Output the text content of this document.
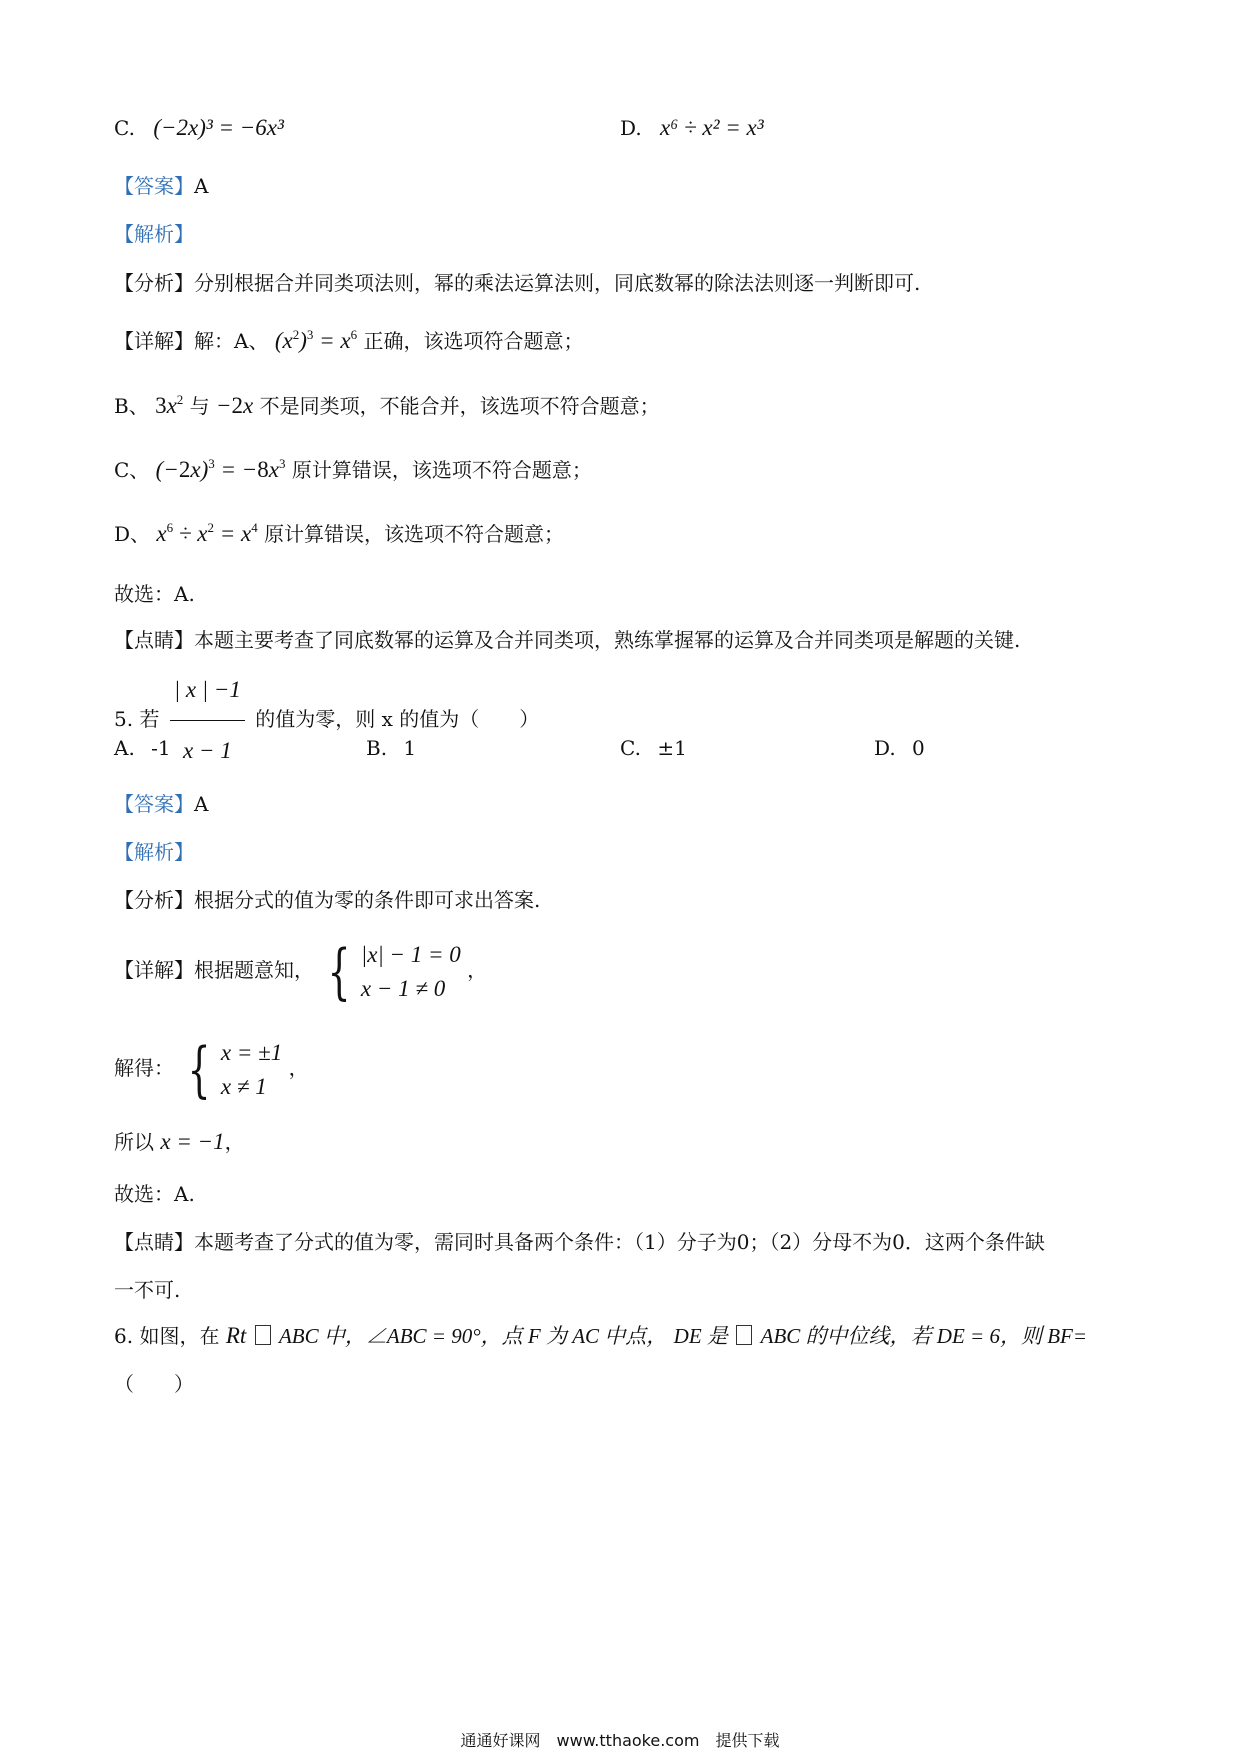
C. (−2x)³ = −6x³	D. x⁶ ÷ x² = x³
【答案】A
【解析】
【分析】分别根据合并同类项法则，幂的乘法运算法则，同底数幂的除法法则逐一判断即可.
【详解】解：A、 $(x^2)^3 = x^6$ 正确，该选项符合题意；
B、 $3x^2$ 与 −2x 不是同类项，不能合并，该选项不符合题意；
C、 $(-2x)^3 = -8x^3$ 原计算错误，该选项不符合题意；
D、 $x^6 \div x^2 = x^4$ 原计算错误，该选项不符合题意；
故选：A.
【点睛】本题主要考查了同底数幂的运算及合并同类项，熟练掌握幂的运算及合并同类项是解题的关键.
5. 若 $\frac{| x | -1}{x - 1}$ 的值为零，则 x 的值为（　　）
A. -1	B. 1	C. ±1	D. 0
【答案】A
【解析】
【分析】根据分式的值为零的条件即可求出答案.
【详解】根据题意知， { |x| − 1 = 0
x − 1 ≠ 0
，
解得： { x = ±1
x ≠ 1
，
所以 x = −1，
故选：A.
【点睛】本题考查了分式的值为零，需同时具备两个条件：（1）分子为0；（2）分母不为0．这两个条件缺
一不可.
6. 如图，在 Rt ABC 中，∠ABC = 90°，点 F 为 AC 中点， DE 是 ABC 的中位线，若 DE = 6，则 BF=
（　　）
通通好课网　www.tthaoke.com　提供下载
